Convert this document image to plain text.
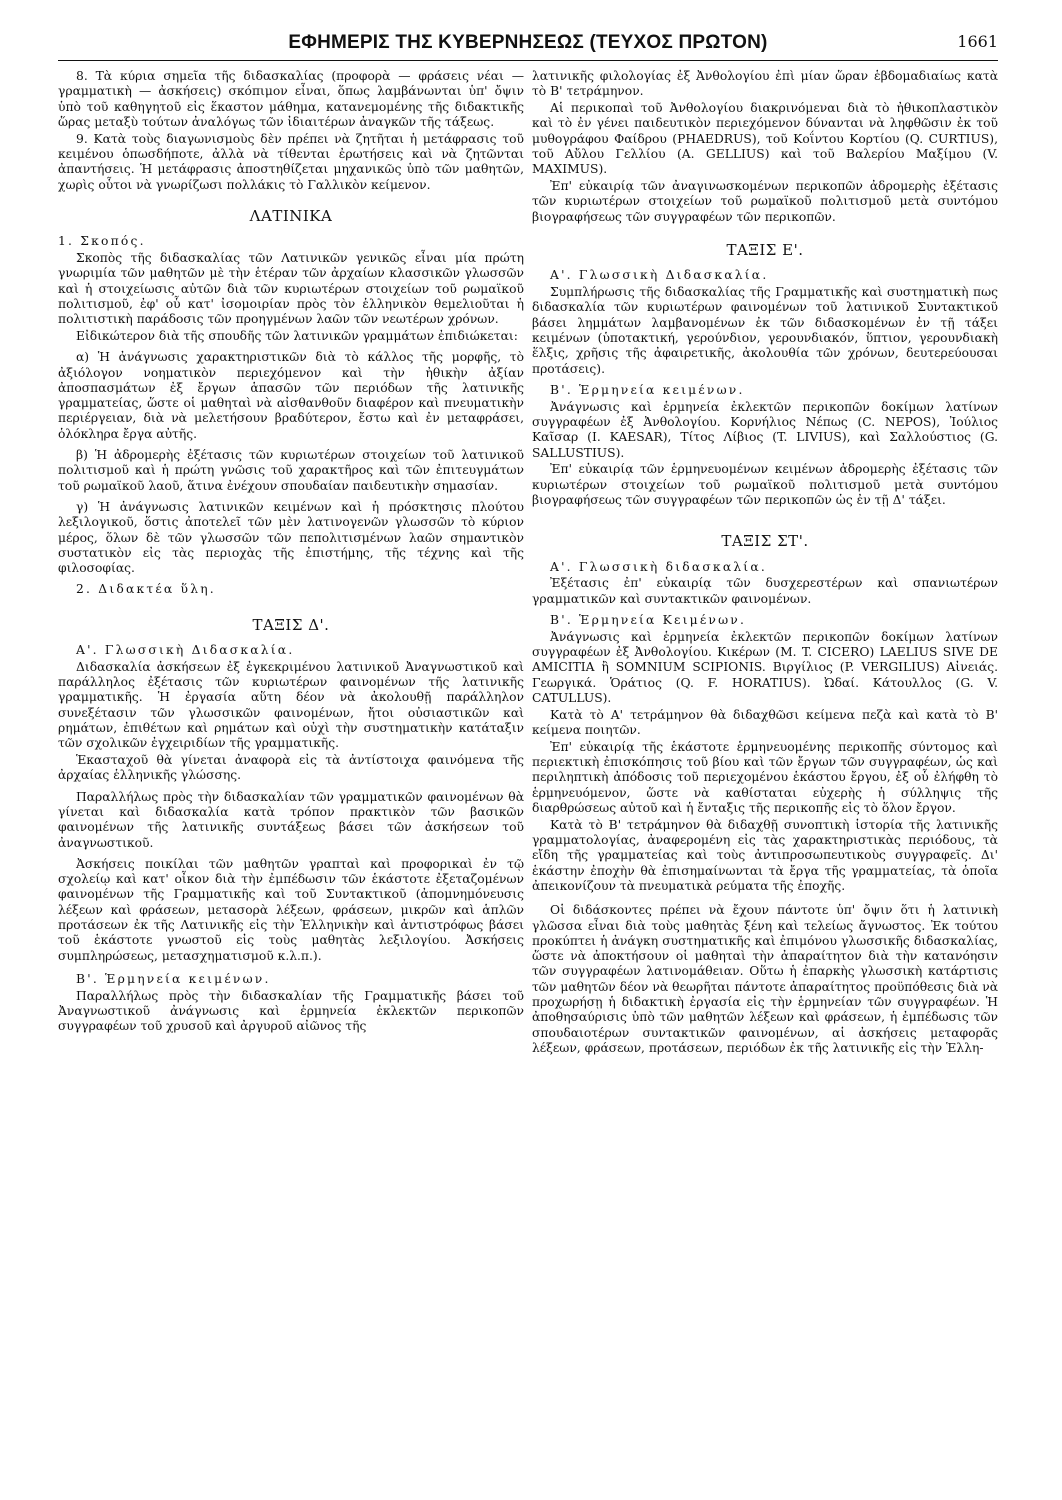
ΕΦΗΜΕΡΙΣ ΤΗΣ ΚΥΒΕΡΝΗΣΕΩΣ (ΤΕΥΧΟΣ ΠΡΩΤΟΝ)	1661

8. Τὰ κύρια σημεῖα τῆς διδασκαλίας (προφορὰ — φράσεις νέαι — γραμματικὴ — ἀσκήσεις) σκόπιμον εἶναι, ὅπως λαμβάνωνται ὑπ' ὄψιν ὑπὸ τοῦ καθηγητοῦ εἰς ἕκαστον μάθημα, κατανεμομένης τῆς διδακτικῆς ὥρας μεταξὺ τούτων ἀναλόγως τῶν ἰδιαιτέρων ἀναγκῶν τῆς τάξεως.

9. Κατὰ τοὺς διαγωνισμοὺς δὲν πρέπει νὰ ζητῆται ἡ μετάφρασις τοῦ κειμένου ὁπωσδήποτε, ἀλλὰ νὰ τίθενται ἐρωτήσεις καὶ νὰ ζητῶνται ἀπαντήσεις. Ἡ μετάφρασις ἀποστηθίζεται μηχανικῶς ὑπὸ τῶν μαθητῶν, χωρὶς οὗτοι νὰ γνωρίζωσι πολλάκις τὸ Γαλλικὸν κείμενον.

ΛΑΤΙΝΙΚΑ

1. Σκοπός.

Σκοπὸς τῆς διδασκαλίας τῶν Λατινικῶν γενικῶς εἶναι μία πρώτη γνωριμία τῶν μαθητῶν μὲ τὴν ἑτέραν τῶν ἀρχαίων κλασσικῶν γλωσσῶν καὶ ἡ στοιχείωσις αὐτῶν διὰ τῶν κυριωτέρων στοιχείων τοῦ ρωμαϊκοῦ πολιτισμοῦ, ἐφ' οὗ κατ' ἰσομοιρίαν πρὸς τὸν ἑλληνικὸν θεμελιοῦται ἡ πολιτιστικὴ παράδοσις τῶν προηγμένων λαῶν τῶν νεωτέρων χρόνων.

Εἰδικώτερον διὰ τῆς σπουδῆς τῶν λατινικῶν γραμμάτων ἐπιδιώκεται:

α) Ἡ ἀνάγνωσις χαρακτηριστικῶν διὰ τὸ κάλλος τῆς μορφῆς, τὸ ἀξιόλογον νοηματικὸν περιεχόμενον καὶ τὴν ἠθικὴν ἀξίαν ἀποσπασμάτων ἐξ ἔργων ἁπασῶν τῶν περιόδων τῆς λατινικῆς γραμματείας, ὥστε οἱ μαθηταὶ νὰ αἰσθανθοῦν διαφέρον καὶ πνευματικὴν περιέργειαν, διὰ νὰ μελετήσουν βραδύτερον, ἔστω καὶ ἐν μεταφράσει, ὁλόκληρα ἔργα αὐτῆς.

β) Ἡ ἀδρομερὴς ἐξέτασις τῶν κυριωτέρων στοιχείων τοῦ λατινικοῦ πολιτισμοῦ καὶ ἡ πρώτη γνῶσις τοῦ χαρακτῆρος καὶ τῶν ἐπιτευγμάτων τοῦ ρωμαϊκοῦ λαοῦ, ἅτινα ἐνέχουν σπουδαίαν παιδευτικὴν σημασίαν.

γ) Ἡ ἀνάγνωσις λατινικῶν κειμένων καὶ ἡ πρόσκτησις πλούτου λεξιλογικοῦ, ὅστις ἀποτελεῖ τῶν μὲν λατινογενῶν γλωσσῶν τὸ κύριον μέρος, ὅλων δὲ τῶν γλωσσῶν τῶν πεπολιτισμένων λαῶν σημαντικὸν συστατικὸν εἰς τὰς περιοχὰς τῆς ἐπιστήμης, τῆς τέχνης καὶ τῆς φιλοσοφίας.

2. Διδακτέα ὕλη.

ΤΑΞΙΣ Δ'.

Α'. Γλωσσικὴ Διδασκαλία.

Διδασκαλία ἀσκήσεων ἐξ ἐγκεκριμένου λατινικοῦ Ἀναγνωστικοῦ καὶ παράλληλος ἐξέτασις τῶν κυριωτέρων φαινομένων τῆς λατινικῆς γραμματικῆς. Ἡ ἐργασία αὕτη δέον νὰ ἀκολουθῇ παράλληλον συνεξέτασιν τῶν γλωσσικῶν φαινομένων, ἤτοι οὐσιαστικῶν καὶ ρημάτων, ἐπιθέτων καὶ ρημάτων καὶ οὐχὶ τὴν συστηματικὴν κατάταξιν τῶν σχολικῶν ἐγχειριδίων τῆς γραμματικῆς.

Ἑκασταχοῦ θὰ γίνεται ἀναφορὰ εἰς τὰ ἀντίστοιχα φαινόμενα τῆς ἀρχαίας ἑλληνικῆς γλώσσης.

Παραλλήλως πρὸς τὴν διδασκαλίαν τῶν γραμματικῶν φαινομένων θὰ γίνεται καὶ διδασκαλία κατὰ τρόπον πρακτικὸν τῶν βασικῶν φαινομένων τῆς λατινικῆς συντάξεως βάσει τῶν ἀσκήσεων τοῦ ἀναγνωστικοῦ.

Ἀσκήσεις ποικίλαι τῶν μαθητῶν γραπταὶ καὶ προφορικαὶ ἐν τῷ σχολείῳ καὶ κατ' οἶκον διὰ τὴν ἐμπέδωσιν τῶν ἑκάστοτε ἐξεταζομένων φαινομένων τῆς Γραμματικῆς καὶ τοῦ Συντακτικοῦ (ἀπομνημόνευσις λέξεων καὶ φράσεων, μετασορὰ λέξεων, φράσεων, μικρῶν καὶ ἁπλῶν προτάσεων ἐκ τῆς Λατινικῆς εἰς τὴν Ἑλληνικὴν καὶ ἀντιστρόφως βάσει τοῦ ἑκάστοτε γνωστοῦ εἰς τοὺς μαθητὰς λεξιλογίου. Ἀσκήσεις συμπληρώσεως, μετασχηματισμοῦ κ.λ.π.).

Β'. Ἑρμηνεία κειμένων.

Παραλλήλως πρὸς τὴν διδασκαλίαν τῆς Γραμματικῆς βάσει τοῦ Ἀναγνωστικοῦ ἀνάγνωσις καὶ ἑρμηνεία ἐκλεκτῶν περικοπῶν συγγραφέων τοῦ χρυσοῦ καὶ ἀργυροῦ αἰῶνος τῆς

λατινικῆς φιλολογίας ἐξ Ἀνθολογίου ἐπὶ μίαν ὥραν ἑβδομαδιαίως κατὰ τὸ Β' τετράμηνον.

Αἱ περικοπαὶ τοῦ Ἀνθολογίου διακρινόμεναι διὰ τὸ ἠθικοπλαστικὸν καὶ τὸ ἐν γένει παιδευτικὸν περιεχόμενον δύνανται νὰ ληφθῶσιν ἐκ τοῦ μυθογράφου Φαίδρου (PHAEDRUS), τοῦ Κοΐντου Κορτίου (Q. CURTIUS), τοῦ Αὔλου Γελλίου (A. GELLIUS) καὶ τοῦ Βαλερίου Μαξίμου (V. MAXIMUS).

Ἐπ' εὐκαιρίᾳ τῶν ἀναγινωσκομένων περικοπῶν ἀδρομερὴς ἐξέτασις τῶν κυριωτέρων στοιχείων τοῦ ρωμαϊκοῦ πολιτισμοῦ μετὰ συντόμου βιογραφήσεως τῶν συγγραφέων τῶν περικοπῶν.

ΤΑΞΙΣ Ε'.

Α'. Γλωσσικὴ Διδασκαλία.

Συμπλήρωσις τῆς διδασκαλίας τῆς Γραμματικῆς καὶ συστηματικὴ πως διδασκαλία τῶν κυριωτέρων φαινομένων τοῦ λατινικοῦ Συντακτικοῦ βάσει λημμάτων λαμβανομένων ἐκ τῶν διδασκομένων ἐν τῇ τάξει κειμένων (ὑποτακτική, γερούνδιον, γερουνδιακόν, ὕπτιον, γερουνδιακὴ ἕλξις, χρῆσις τῆς ἀφαιρετικῆς, ἀκολουθία τῶν χρόνων, δευτερεύουσαι προτάσεις).

Β'. Ἑρμηνεία κειμένων.

Ἀνάγνωσις καὶ ἑρμηνεία ἐκλεκτῶν περικοπῶν δοκίμων λατίνων συγγραφέων ἐξ Ἀνθολογίου. Κορνήλιος Νέπως (C. NEPOS), Ἰούλιος Καῖσαρ (I. KAESAR), Τίτος Λίβιος (T. LIVIUS), καὶ Σαλλούστιος (G. SALLUSTIUS).

Ἐπ' εὐκαιρίᾳ τῶν ἑρμηνευομένων κειμένων ἀδρομερὴς ἐξέτασις τῶν κυριωτέρων στοιχείων τοῦ ρωμαϊκοῦ πολιτισμοῦ μετὰ συντόμου βιογραφήσεως τῶν συγγραφέων τῶν περικοπῶν ὡς ἐν τῇ Δ' τάξει.

ΤΑΞΙΣ ΣΤ'.

Α'. Γλωσσικὴ διδασκαλία.

Ἐξέτασις ἐπ' εὐκαιρίᾳ τῶν δυσχερεστέρων καὶ σπανιωτέρων γραμματικῶν καὶ συντακτικῶν φαινομένων.

Β'. Ἑρμηνεία Κειμένων.

Ἀνάγνωσις καὶ ἑρμηνεία ἐκλεκτῶν περικοπῶν δοκίμων λατίνων συγγραφέων ἐξ Ἀνθολογίου. Κικέρων (M. T. CICERO) LAELIUS SIVE DE AMICITIA ἢ SOMNIUM SCIPIONIS. Βιργίλιος (P. VERGILIUS) Αἰνειάς. Γεωργικά. Ὁράτιος (Q. F. HORATIUS). Ὠδαί. Κάτουλλος (G. V. CATULLUS).

Κατὰ τὸ Α' τετράμηνον θὰ διδαχθῶσι κείμενα πεζὰ καὶ κατὰ τὸ Β' κείμενα ποιητῶν.

Ἐπ' εὐκαιρίᾳ τῆς ἑκάστοτε ἑρμηνευομένης περικοπῆς σύντομος καὶ περιεκτικὴ ἐπισκόπησις τοῦ βίου καὶ τῶν ἔργων τῶν συγγραφέων, ὡς καὶ περιληπτικὴ ἀπόδοσις τοῦ περιεχομένου ἑκάστου ἔργου, ἐξ οὗ ἐλήφθη τὸ ἑρμηνευόμενον, ὥστε νὰ καθίσταται εὐχερὴς ἡ σύλληψις τῆς διαρθρώσεως αὐτοῦ καὶ ἡ ἔνταξις τῆς περικοπῆς εἰς τὸ ὅλον ἔργον.

Κατὰ τὸ Β' τετράμηνον θὰ διδαχθῇ συνοπτικὴ ἱστορία τῆς λατινικῆς γραμματολογίας, ἀναφερομένη εἰς τὰς χαρακτηριστικὰς περιόδους, τὰ εἴδη τῆς γραμματείας καὶ τοὺς ἀντιπροσωπευτικοὺς συγγραφεῖς. Δι' ἑκάστην ἐποχὴν θὰ ἐπισημαίνωνται τὰ ἔργα τῆς γραμματείας, τὰ ὁποῖα ἀπεικονίζουν τὰ πνευματικὰ ρεύματα τῆς ἐποχῆς.

Οἱ διδάσκοντες πρέπει νὰ ἔχουν πάντοτε ὑπ' ὄψιν ὅτι ἡ λατινικὴ γλῶσσα εἶναι διὰ τοὺς μαθητὰς ξένη καὶ τελείως ἄγνωστος. Ἐκ τούτου προκύπτει ἡ ἀνάγκη συστηματικῆς καὶ ἐπιμόνου γλωσσικῆς διδασκαλίας, ὥστε νὰ ἀποκτήσουν οἱ μαθηταὶ τὴν ἀπαραίτητον διὰ τὴν κατανόησιν τῶν συγγραφέων λατινομάθειαν. Οὕτω ἡ ἐπαρκὴς γλωσσικὴ κατάρτισις τῶν μαθητῶν δέον νὰ θεωρῆται πάντοτε ἀπαραίτητος προϋπόθεσις διὰ νὰ προχωρήσῃ ἡ διδακτικὴ ἐργασία εἰς τὴν ἑρμηνείαν τῶν συγγραφέων. Ἡ ἀποθησαύρισις ὑπὸ τῶν μαθητῶν λέξεων καὶ φράσεων, ἡ ἐμπέδωσις τῶν σπουδαιοτέρων συντακτικῶν φαινομένων, αἱ ἀσκήσεις μεταφορᾶς λέξεων, φράσεων, προτάσεων, περιόδων ἐκ τῆς λατινικῆς εἰς τὴν Ἑλλη-
